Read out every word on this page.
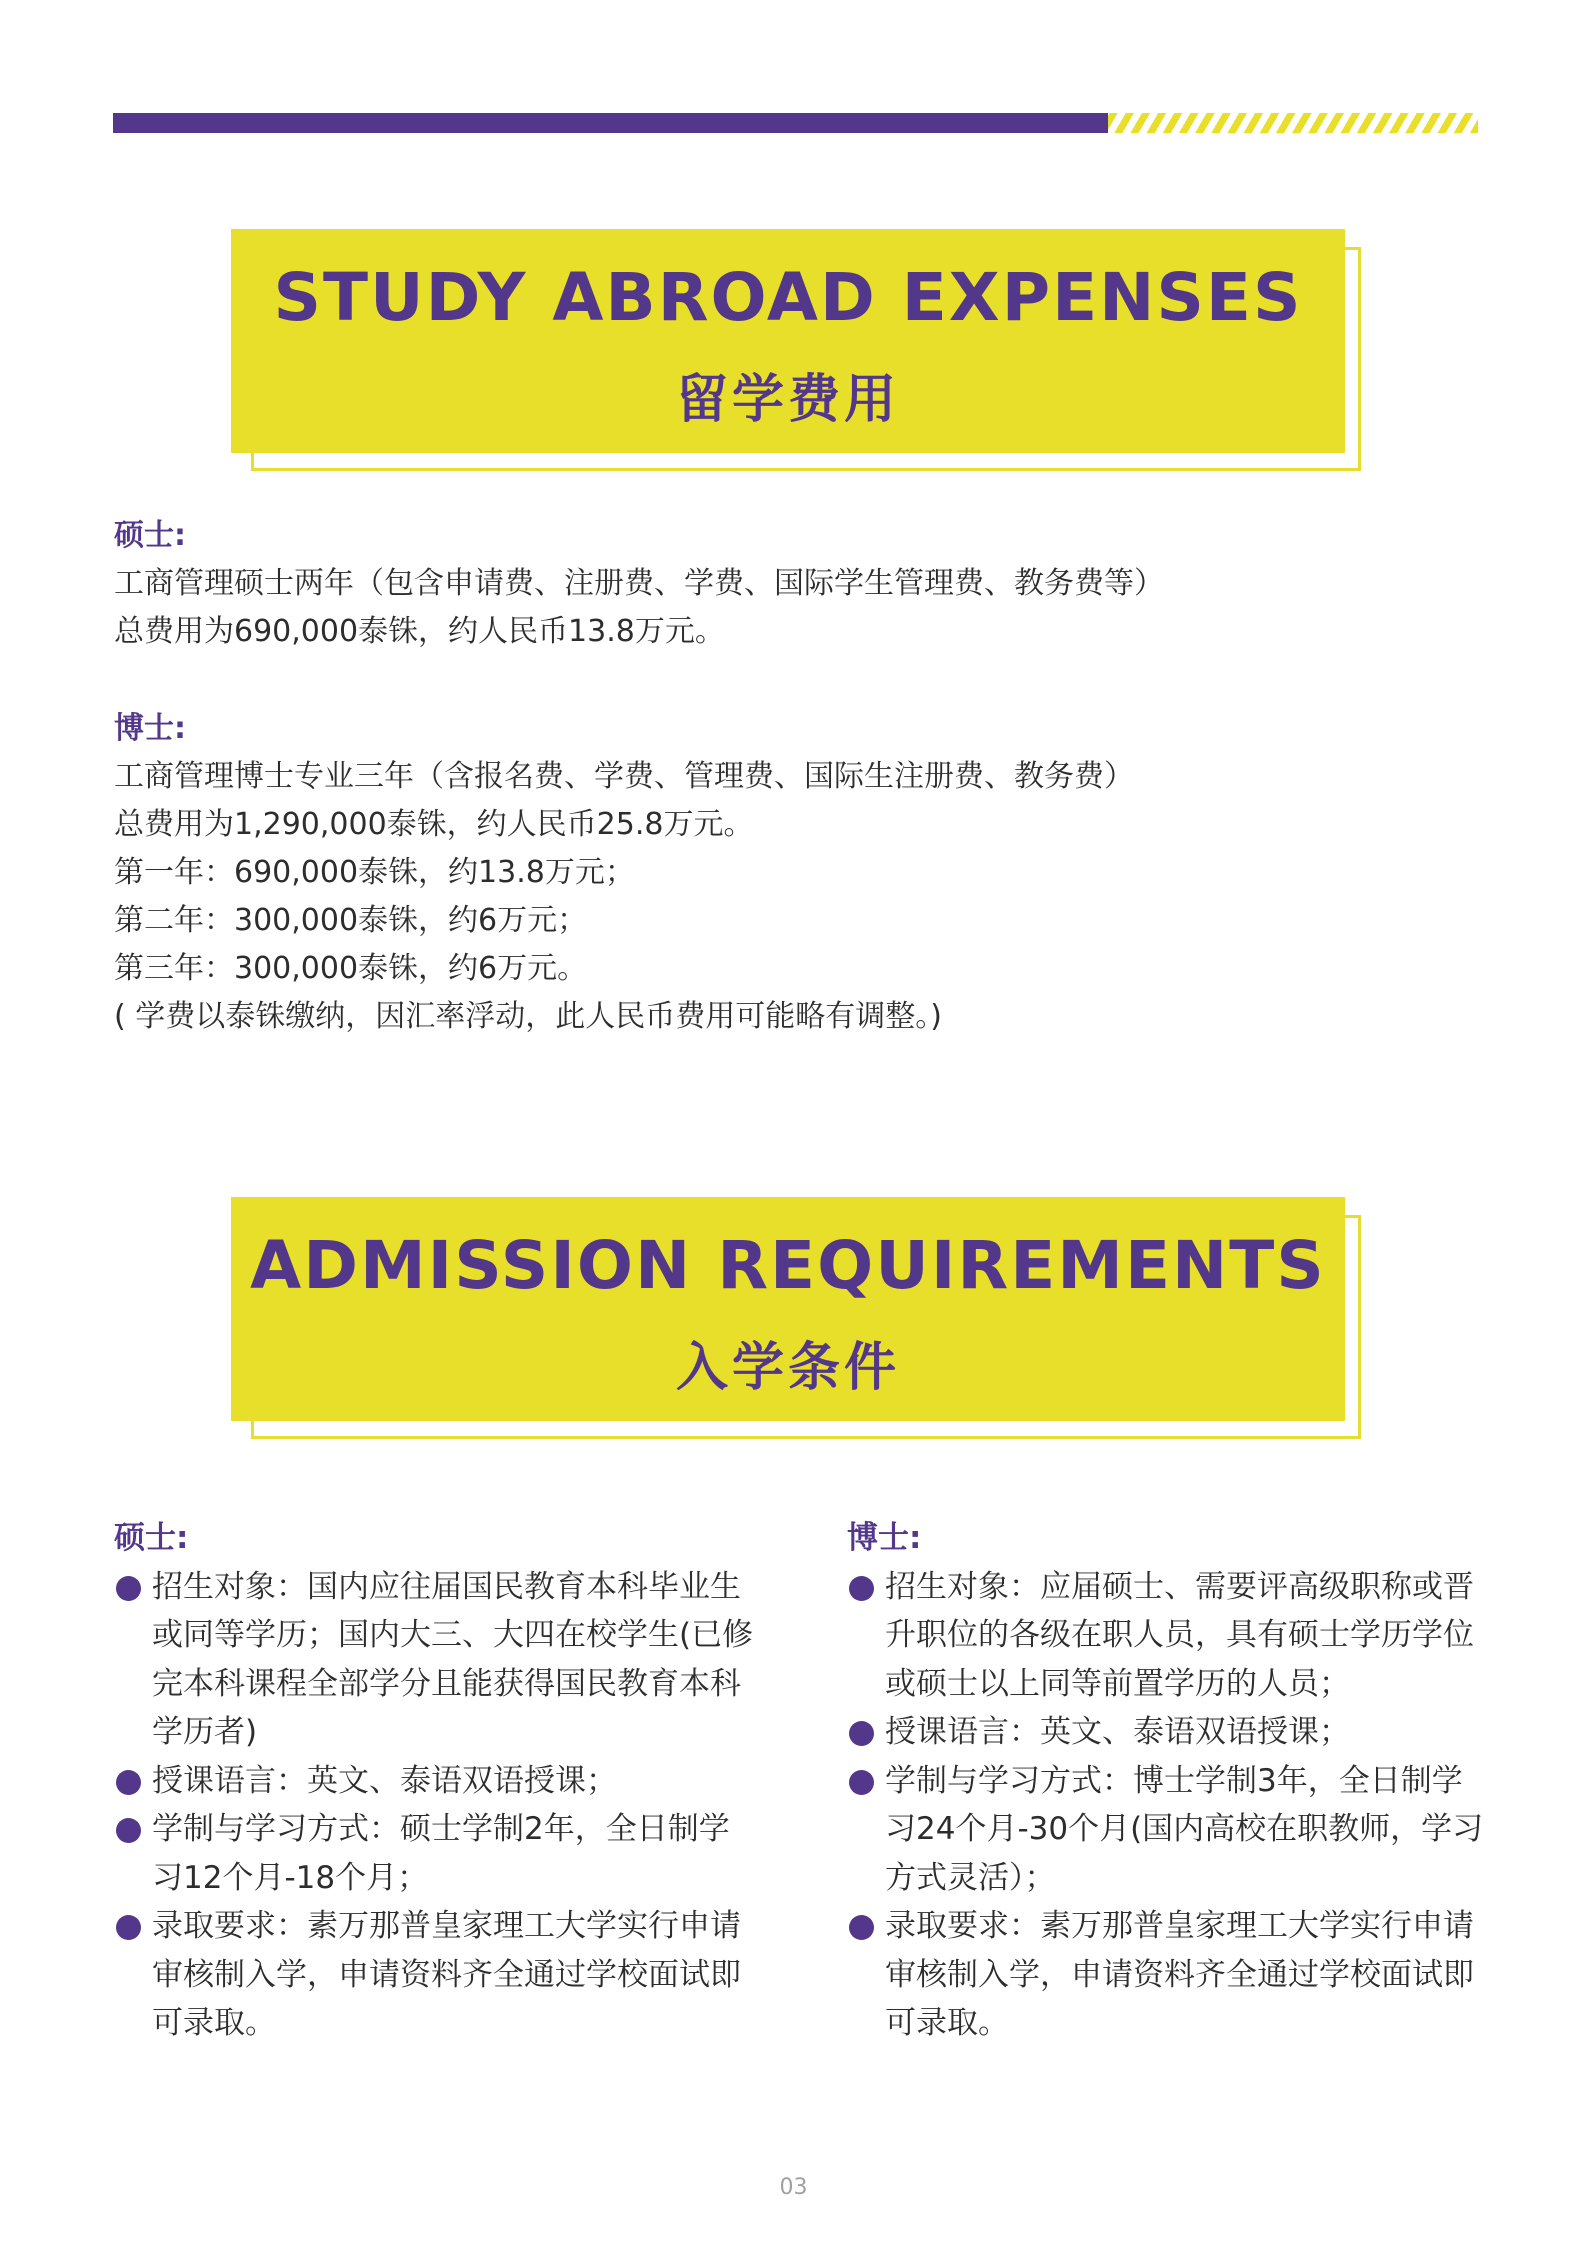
STUDY ABROAD EXPENSES
留学费用
硕士:
工商管理硕士两年（包含申请费、注册费、学费、国际学生管理费、教务费等）
总费用为690,000泰铢，约人民币13.8万元。
博士:
工商管理博士专业三年（含报名费、学费、管理费、国际生注册费、教务费）
总费用为1,290,000泰铢，约人民币25.8万元。
第一年：690,000泰铢，约13.8万元；
第二年：300,000泰铢，约6万元；
第三年：300,000泰铢，约6万元。
( 学费以泰铢缴纳，因汇率浮动，此人民币费用可能略有调整。)
ADMISSION REQUIREMENTS
入学条件
硕士:
招生对象：国内应往届国民教育本科毕业生或同等学历；国内大三、大四在校学生(已修完本科课程全部学分且能获得国民教育本科学历者)
授课语言：英文、泰语双语授课；
学制与学习方式：硕士学制2年，全日制学习12个月-18个月；
录取要求：素万那普皇家理工大学实行申请审核制入学，申请资料齐全通过学校面试即可录取。
博士:
招生对象：应届硕士、需要评高级职称或晋升职位的各级在职人员，具有硕士学历学位或硕士以上同等前置学历的人员；
授课语言：英文、泰语双语授课；
学制与学习方式：博士学制3年，全日制学习24个月-30个月(国内高校在职教师，学习方式灵活）；
录取要求：素万那普皇家理工大学实行申请审核制入学，申请资料齐全通过学校面试即可录取。
03
